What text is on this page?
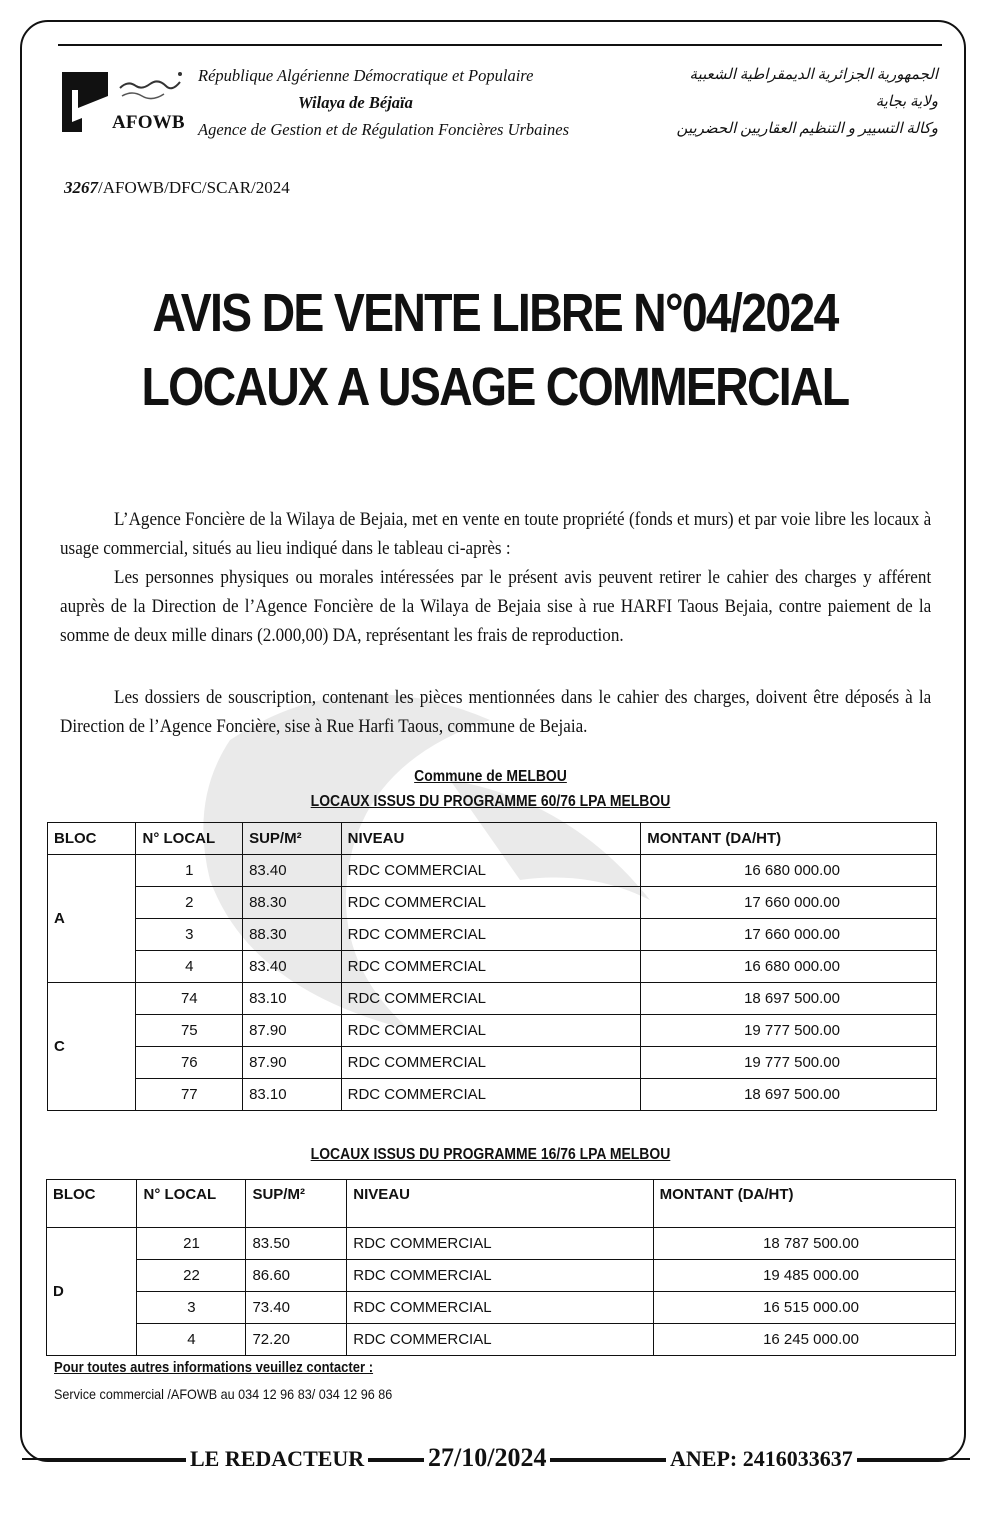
AFOWB
République Algérienne Démocratique et Populaire
Wilaya de Béjaïa
Agence de Gestion et de Régulation Foncières Urbaines
الجمهورية الجزائرية الديمقراطية الشعبية
ولاية بجاية
وكالة التسيير و التنظيم العقاريين الحضريين
3267/AFOWB/DFC/SCAR/2024
AVIS DE VENTE LIBRE N°04/2024
LOCAUX A USAGE COMMERCIAL
L’Agence Foncière de la Wilaya de Bejaia, met en vente en toute propriété (fonds et murs) et par voie libre les locaux à usage commercial, situés au lieu indiqué dans le tableau ci-après :
Les personnes physiques ou morales intéressées par le présent avis peuvent retirer le cahier des charges y afférent auprès de la Direction de l’Agence Foncière de la Wilaya de Bejaia sise à rue HARFI Taous Bejaia, contre paiement de la somme de deux mille dinars (2.000,00) DA, représentant les frais de reproduction.
Les dossiers de souscription, contenant les pièces mentionnées dans le cahier des charges, doivent être déposés à la Direction de l’Agence Foncière, sise à Rue Harfi Taous, commune de Bejaia.
Commune de MELBOU
LOCAUX ISSUS DU PROGRAMME 60/76 LPA MELBOU
BLOC	N° LOCAL	SUP/M²	NIVEAU	MONTANT (DA/HT)
A	1	83.40	RDC COMMERCIAL	16 680 000.00
	2	88.30	RDC COMMERCIAL	17 660 000.00
	3	88.30	RDC COMMERCIAL	17 660 000.00
	4	83.40	RDC COMMERCIAL	16 680 000.00
C	74	83.10	RDC COMMERCIAL	18 697 500.00
	75	87.90	RDC COMMERCIAL	19 777 500.00
	76	87.90	RDC COMMERCIAL	19 777 500.00
	77	83.10	RDC COMMERCIAL	18 697 500.00
LOCAUX ISSUS DU PROGRAMME 16/76 LPA MELBOU
BLOC	N° LOCAL	SUP/M²	NIVEAU	MONTANT (DA/HT)
D	21	83.50	RDC COMMERCIAL	18 787 500.00
	22	86.60	RDC COMMERCIAL	19 485 000.00
	3	73.40	RDC COMMERCIAL	16 515 000.00
	4	72.20	RDC COMMERCIAL	16 245 000.00
Pour toutes autres informations veuillez contacter :
Service commercial /AFOWB au 034 12 96 83/ 034 12 96 86
LE REDACTEUR 27/10/2024	ANEP: 2416033637
